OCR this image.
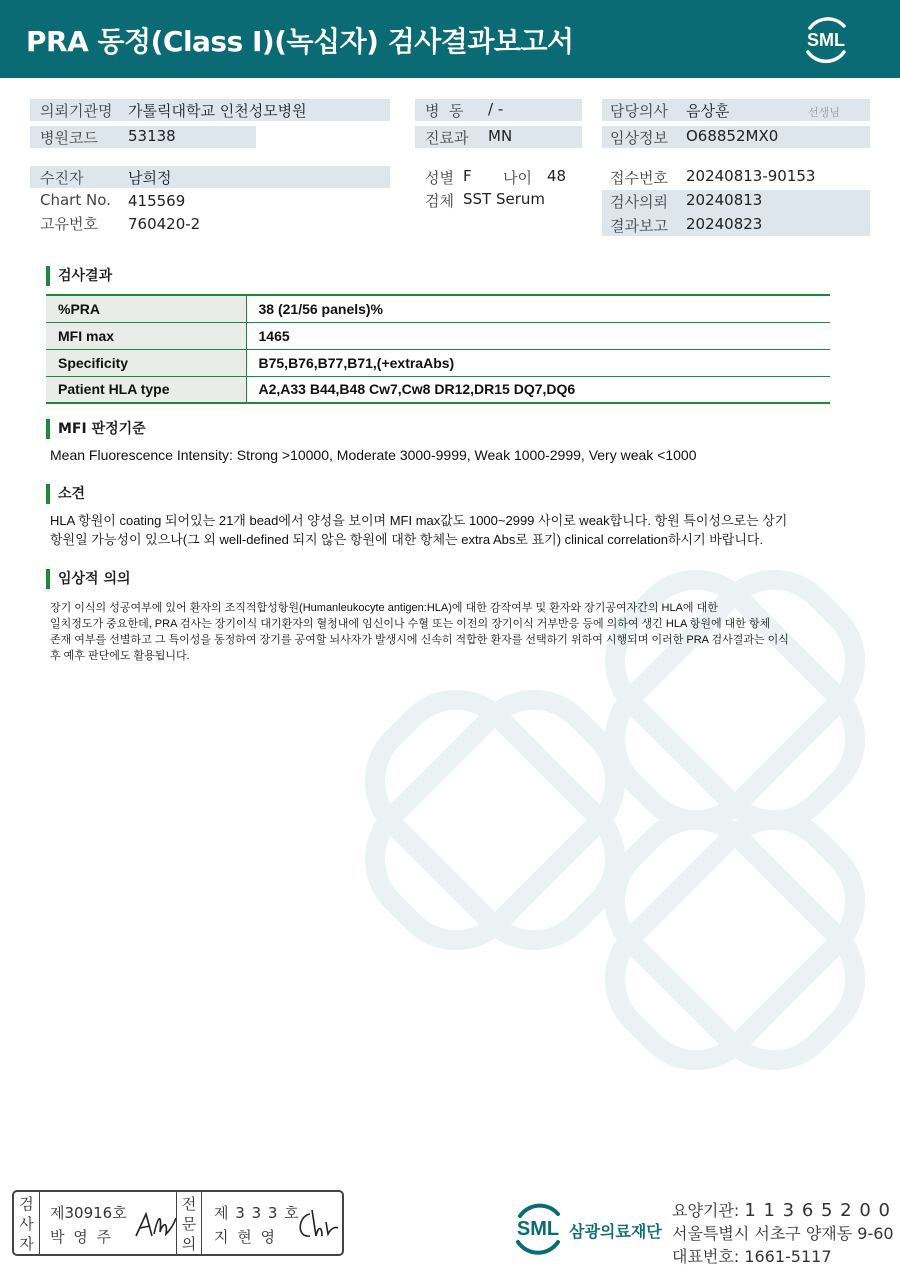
PRA 동정(Class I)(녹십자) 검사결과보고서	SML
의뢰기관명 가톨릭대학교 인천성모병원
병원코드 53138
병  동 / -
진료과 MN
담당의사 음상훈	선생님
임상정보 O68852MX0
수진자	남희정
Chart No. 415569
고유번호 760420-2
성별 F 나이 48
검체 SST Serum
접수번호 20240813-90153
검사의뢰 20240813
결과보고 20240823
검사결과
%PRA	38 (21/56 panels)%
MFI max	1465
Specificity	B75,B76,B77,B71,(+extraAbs)
Patient HLA type	A2,A33 B44,B48 Cw7,Cw8 DR12,DR15 DQ7,DQ6
MFI 판정기준
Mean Fluorescence Intensity: Strong >10000, Moderate 3000-9999, Weak 1000-2999, Very weak <1000
소견
HLA 항원이 coating 되어있는 21개 bead에서 양성을 보이며 MFI max값도 1000~2999 사이로 weak합니다. 항원 특이성으로는 상기
항원일 가능성이 있으나(그 외 well-defined 되지 않은 항원에 대한 항체는 extra Abs로 표기) clinical correlation하시기 바랍니다.
임상적 의의
장기 이식의 성공여부에 있어 환자의 조직적합성항원(Humanleukocyte antigen:HLA)에 대한 감작여부 및 환자와 장기공여자간의 HLA에 대한
일치정도가 중요한데, PRA 검사는 장기이식 대기환자의 혈청내에 임신이나 수혈 또는 이전의 장기이식 거부반응 등에 의하여 생긴 HLA 항원에 대한 항체
존재 여부를 선별하고 그 특이성을 동정하여 장기를 공여할 뇌사자가 발생시에 신속히 적합한 환자를 선택하기 위하여 시행되며 이러한 PRA 검사결과는 이식
후 예후 판단에도 활용됩니다.
검
사
자
제30916호
박 영 주
전
문
의
제 3 3 3 호
지 현 영	SML 삼광의료재단
요양기관: 1 1 3 6 5 2 0 0
서울특별시 서초구 양재동 9-60
대표번호: 1661-5117
